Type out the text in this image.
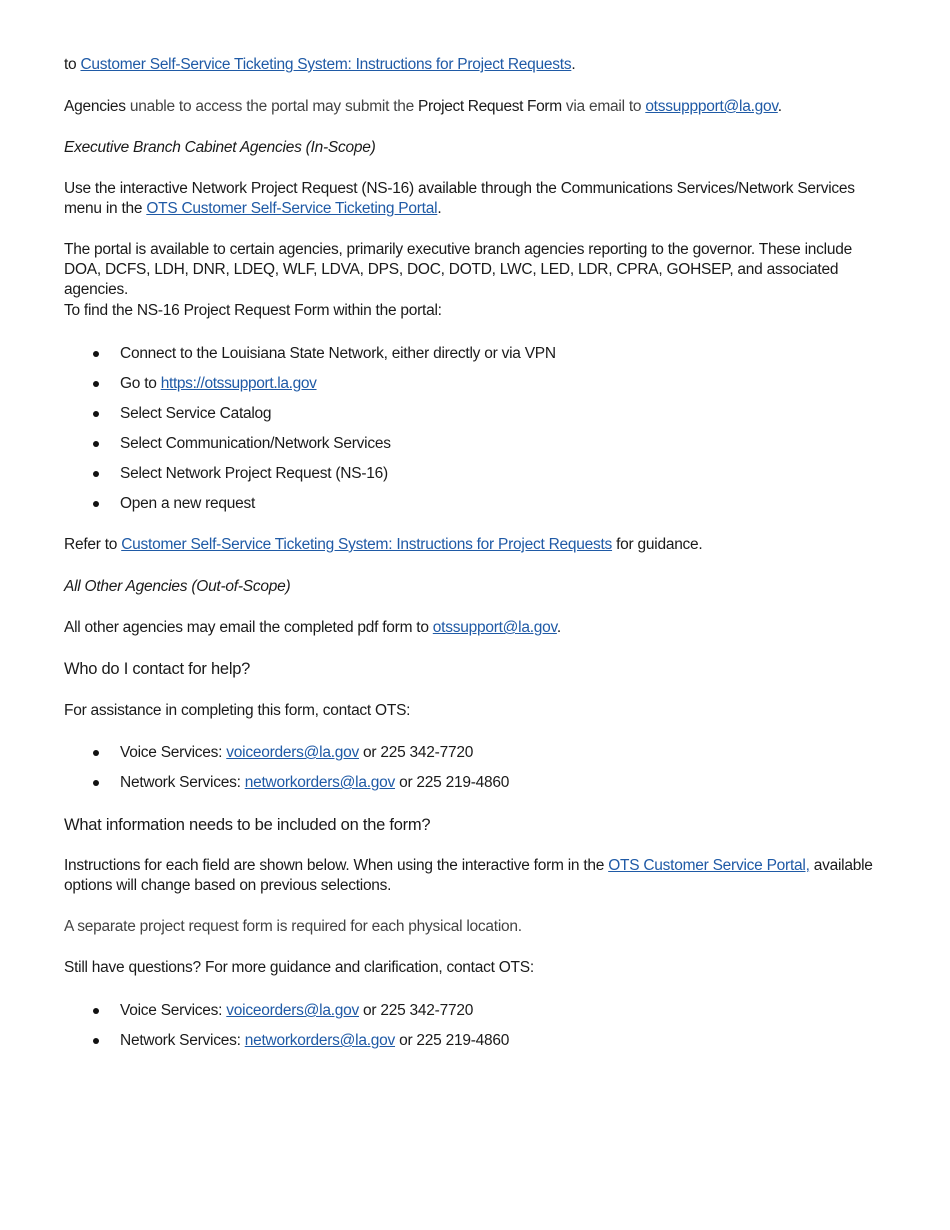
to Customer Self-Service Ticketing System: Instructions for Project Requests.

Agencies unable to access the portal may submit the Project Request Form via email to otssuppport@la.gov.

Executive Branch Cabinet Agencies (In-Scope)

Use the interactive Network Project Request (NS-16) available through the Communications Services/Network Services menu in the OTS Customer Self-Service Ticketing Portal.

The portal is available to certain agencies, primarily executive branch agencies reporting to the governor. These include DOA, DCFS, LDH, DNR, LDEQ, WLF, LDVA, DPS, DOC, DOTD, LWC, LED, LDR, CPRA, GOHSEP, and associated agencies.

To find the NS-16 Project Request Form within the portal:

Connect to the Louisiana State Network, either directly or via VPN
Go to https://otssupport.la.gov
Select Service Catalog
Select Communication/Network Services
Select Network Project Request (NS-16)
Open a new request

Refer to Customer Self-Service Ticketing System: Instructions for Project Requests for guidance.

All Other Agencies (Out-of-Scope)

All other agencies may email the completed pdf form to otssupport@la.gov.

Who do I contact for help?

For assistance in completing this form, contact OTS:

Voice Services: voiceorders@la.gov or 225 342-7720
Network Services: networkorders@la.gov or 225 219-4860

What information needs to be included on the form?

Instructions for each field are shown below. When using the interactive form in the OTS Customer Service Portal, available options will change based on previous selections.

A separate project request form is required for each physical location.

Still have questions? For more guidance and clarification, contact OTS:

Voice Services: voiceorders@la.gov or 225 342-7720
Network Services: networkorders@la.gov or 225 219-4860
